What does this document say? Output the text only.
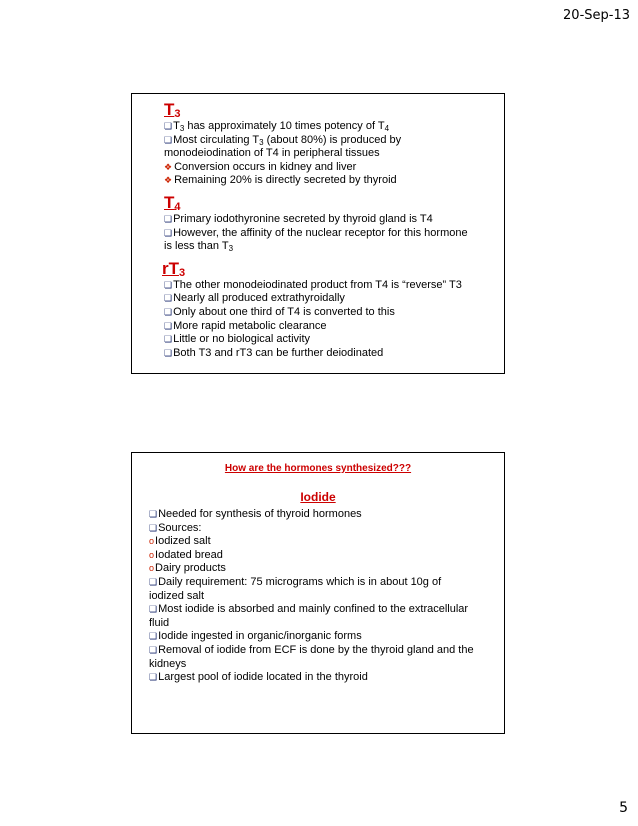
20-Sep-13
$T_3$
❏ $T_3$ has approximately 10 times potency of $T_4$
❏ Most circulating $T_3$ (about 80%) is produced by
monodeiodination of T4 in peripheral tissues
❖ Conversion occurs in kidney and liver
❖ Remaining 20% is directly secreted by thyroid
$T_4$
❏ Primary iodothyronine secreted by thyroid gland is T4
❏ However, the affinity of the nuclear receptor for this hormone
is less than $T_3$
$rT_3$
❏ The other monodeiodinated product from T4 is “reverse” T3
❏ Nearly all produced extrathyroidally
❏ Only about one third of T4 is converted to this
❏ More rapid metabolic clearance
❏ Little or no biological activity
❏ Both T3 and rT3 can be further deiodinated
How are the hormones synthesized???
Iodide
❏ Needed for synthesis of thyroid hormones
❏ Sources:
o Iodized salt
o Iodated bread
o Dairy products
❏ Daily requirement: 75 micrograms which is in about 10g of
iodized salt
❏ Most iodide is absorbed and mainly confined to the extracellular
fluid
❏ Iodide ingested in organic/inorganic forms
❏ Removal of iodide from ECF is done by the thyroid gland and the
kidneys
❏ Largest pool of iodide located in the thyroid
5
